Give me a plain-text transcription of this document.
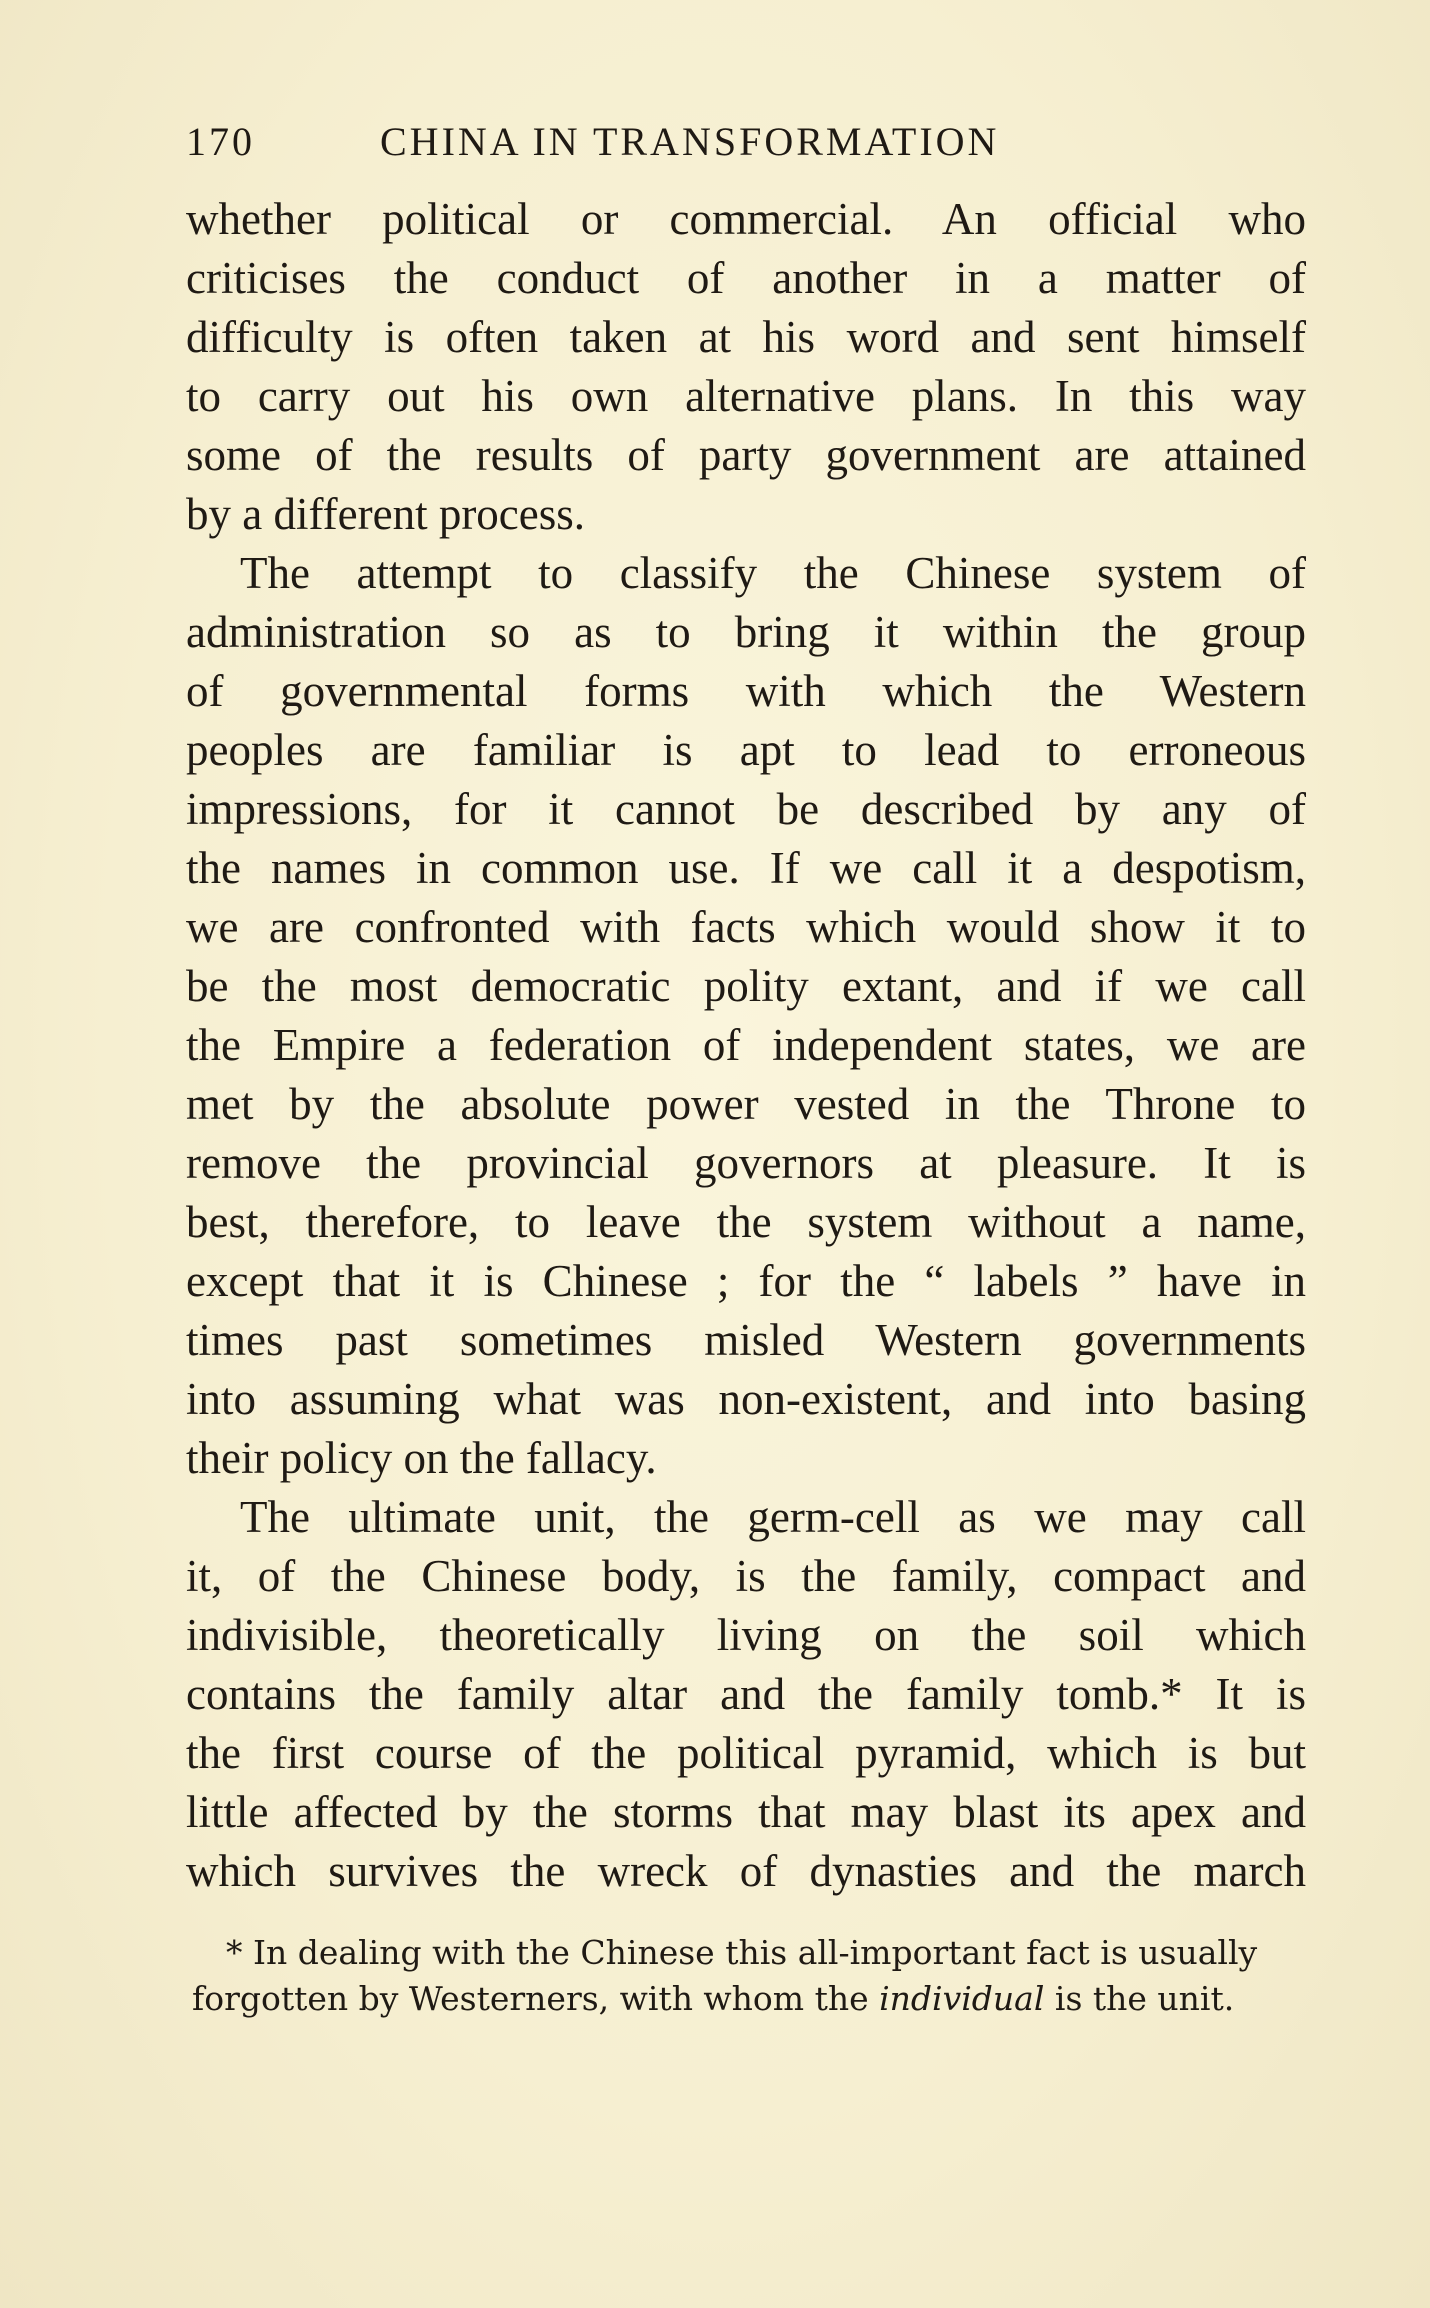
170	CHINA IN TRANSFORMATION
whether political or commercial. An official who
criticises the conduct of another in a matter of
difficulty is often taken at his word and sent himself
to carry out his own alternative plans. In this way
some of the results of party government are attained
by a different process.
The attempt to classify the Chinese system of
administration so as to bring it within the group
of governmental forms with which the Western
peoples are familiar is apt to lead to erroneous
impressions, for it cannot be described by any of
the names in common use. If we call it a despotism,
we are confronted with facts which would show it to
be the most democratic polity extant, and if we call
the Empire a federation of independent states, we are
met by the absolute power vested in the Throne to
remove the provincial governors at pleasure. It is
best, therefore, to leave the system without a name,
except that it is Chinese ; for the “ labels ” have in
times past sometimes misled Western governments
into assuming what was non-existent, and into basing
their policy on the fallacy.
The ultimate unit, the germ-cell as we may call
it, of the Chinese body, is the family, compact and
indivisible, theoretically living on the soil which
contains the family altar and the family tomb.* It is
the first course of the political pyramid, which is but
little affected by the storms that may blast its apex and
which survives the wreck of dynasties and the march
* In dealing with the Chinese this all-important fact is usually
forgotten by Westerners, with whom the individual is the unit.
